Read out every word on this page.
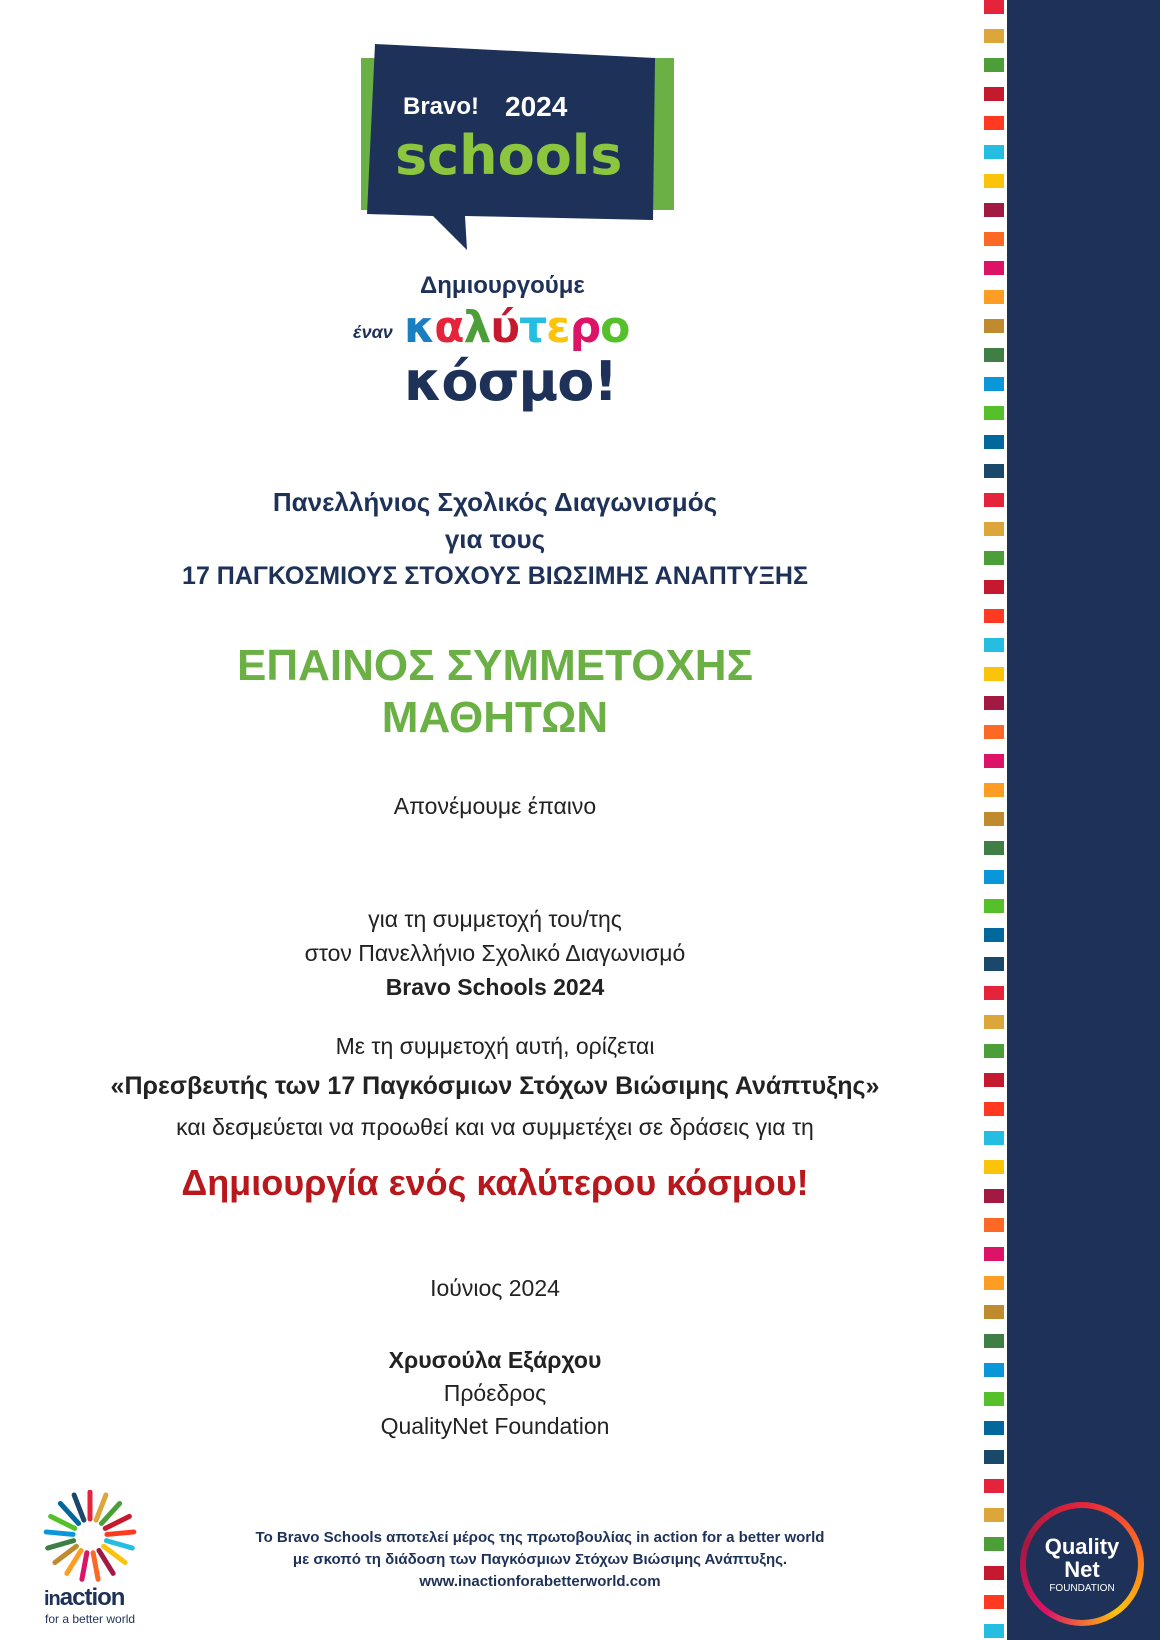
Bravo! 2024
schools
Δημιουργούμε
έναν καλύτερο
κόσμο!
Πανελλήνιος Σχολικός Διαγωνισμός
για τους
17 ΠΑΓΚΟΣΜΙΟΥΣ ΣΤΟΧΟΥΣ ΒΙΩΣΙΜΗΣ ΑΝΑΠΤΥΞΗΣ
ΕΠΑΙΝΟΣ ΣΥΜΜΕΤΟΧΗΣ
ΜΑΘΗΤΩΝ
Απονέμουμε έπαινο
για τη συμμετοχή του/της
στον Πανελλήνιο Σχολικό Διαγωνισμό
Bravo Schools 2024
Με τη συμμετοχή αυτή, ορίζεται
«Πρεσβευτής των 17 Παγκόσμιων Στόχων Βιώσιμης Ανάπτυξης»
και δεσμεύεται να προωθεί και να συμμετέχει σε δράσεις για τη
Δημιουργία ενός καλύτερου κόσμου!
Ιούνιος 2024
Χρυσούλα Εξάρχου
Πρόεδρος
QualityNet Foundation
inaction
for a better world
Το Bravo Schools αποτελεί μέρος της πρωτοβουλίας in action for a better world
με σκοπό τη διάδοση των Παγκόσμιων Στόχων Βιώσιμης Ανάπτυξης.
www.inactionforabetterworld.com
Quality
Net
FOUNDATION
